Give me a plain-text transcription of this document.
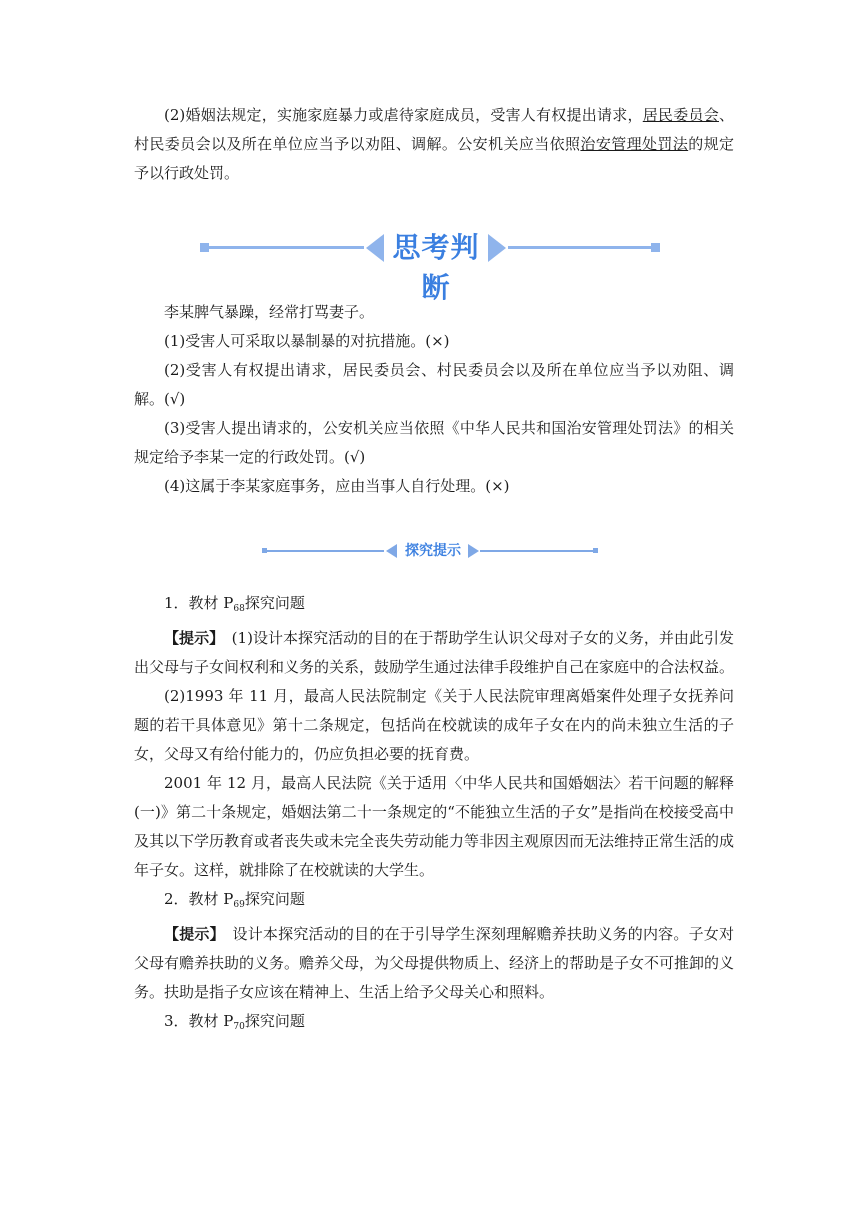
(2)婚姻法规定，实施家庭暴力或虐待家庭成员，受害人有权提出请求，居民委员会、村民委员会以及所在单位应当予以劝阻、调解。公安机关应当依照治安管理处罚法的规定予以行政处罚。

思考判断

李某脾气暴躁，经常打骂妻子。

(1)受害人可采取以暴制暴的对抗措施。(×)

(2)受害人有权提出请求，居民委员会、村民委员会以及所在单位应当予以劝阻、调解。(√)

(3)受害人提出请求的，公安机关应当依照《中华人民共和国治安管理处罚法》的相关规定给予李某一定的行政处罚。(√)

(4)这属于李某家庭事务，应由当事人自行处理。(×)

探究提示

1．教材 $P_{68}$探究问题

【提示】　(1)设计本探究活动的目的在于帮助学生认识父母对子女的义务，并由此引发出父母与子女间权利和义务的关系，鼓励学生通过法律手段维护自己在家庭中的合法权益。

(2)1993 年 11 月，最高人民法院制定《关于人民法院审理离婚案件处理子女抚养问题的若干具体意见》第十二条规定，包括尚在校就读的成年子女在内的尚未独立生活的子女，父母又有给付能力的，仍应负担必要的抚育费。

2001 年 12 月，最高人民法院《关于适用〈中华人民共和国婚姻法〉若干问题的解释(一)》第二十条规定，婚姻法第二十一条规定的“不能独立生活的子女”是指尚在校接受高中及其以下学历教育或者丧失或未完全丧失劳动能力等非因主观原因而无法维持正常生活的成年子女。这样，就排除了在校就读的大学生。

2．教材 $P_{69}$探究问题

【提示】　设计本探究活动的目的在于引导学生深刻理解赡养扶助义务的内容。子女对父母有赡养扶助的义务。赡养父母，为父母提供物质上、经济上的帮助是子女不可推卸的义务。扶助是指子女应该在精神上、生活上给予父母关心和照料。

3．教材 $P_{70}$探究问题
